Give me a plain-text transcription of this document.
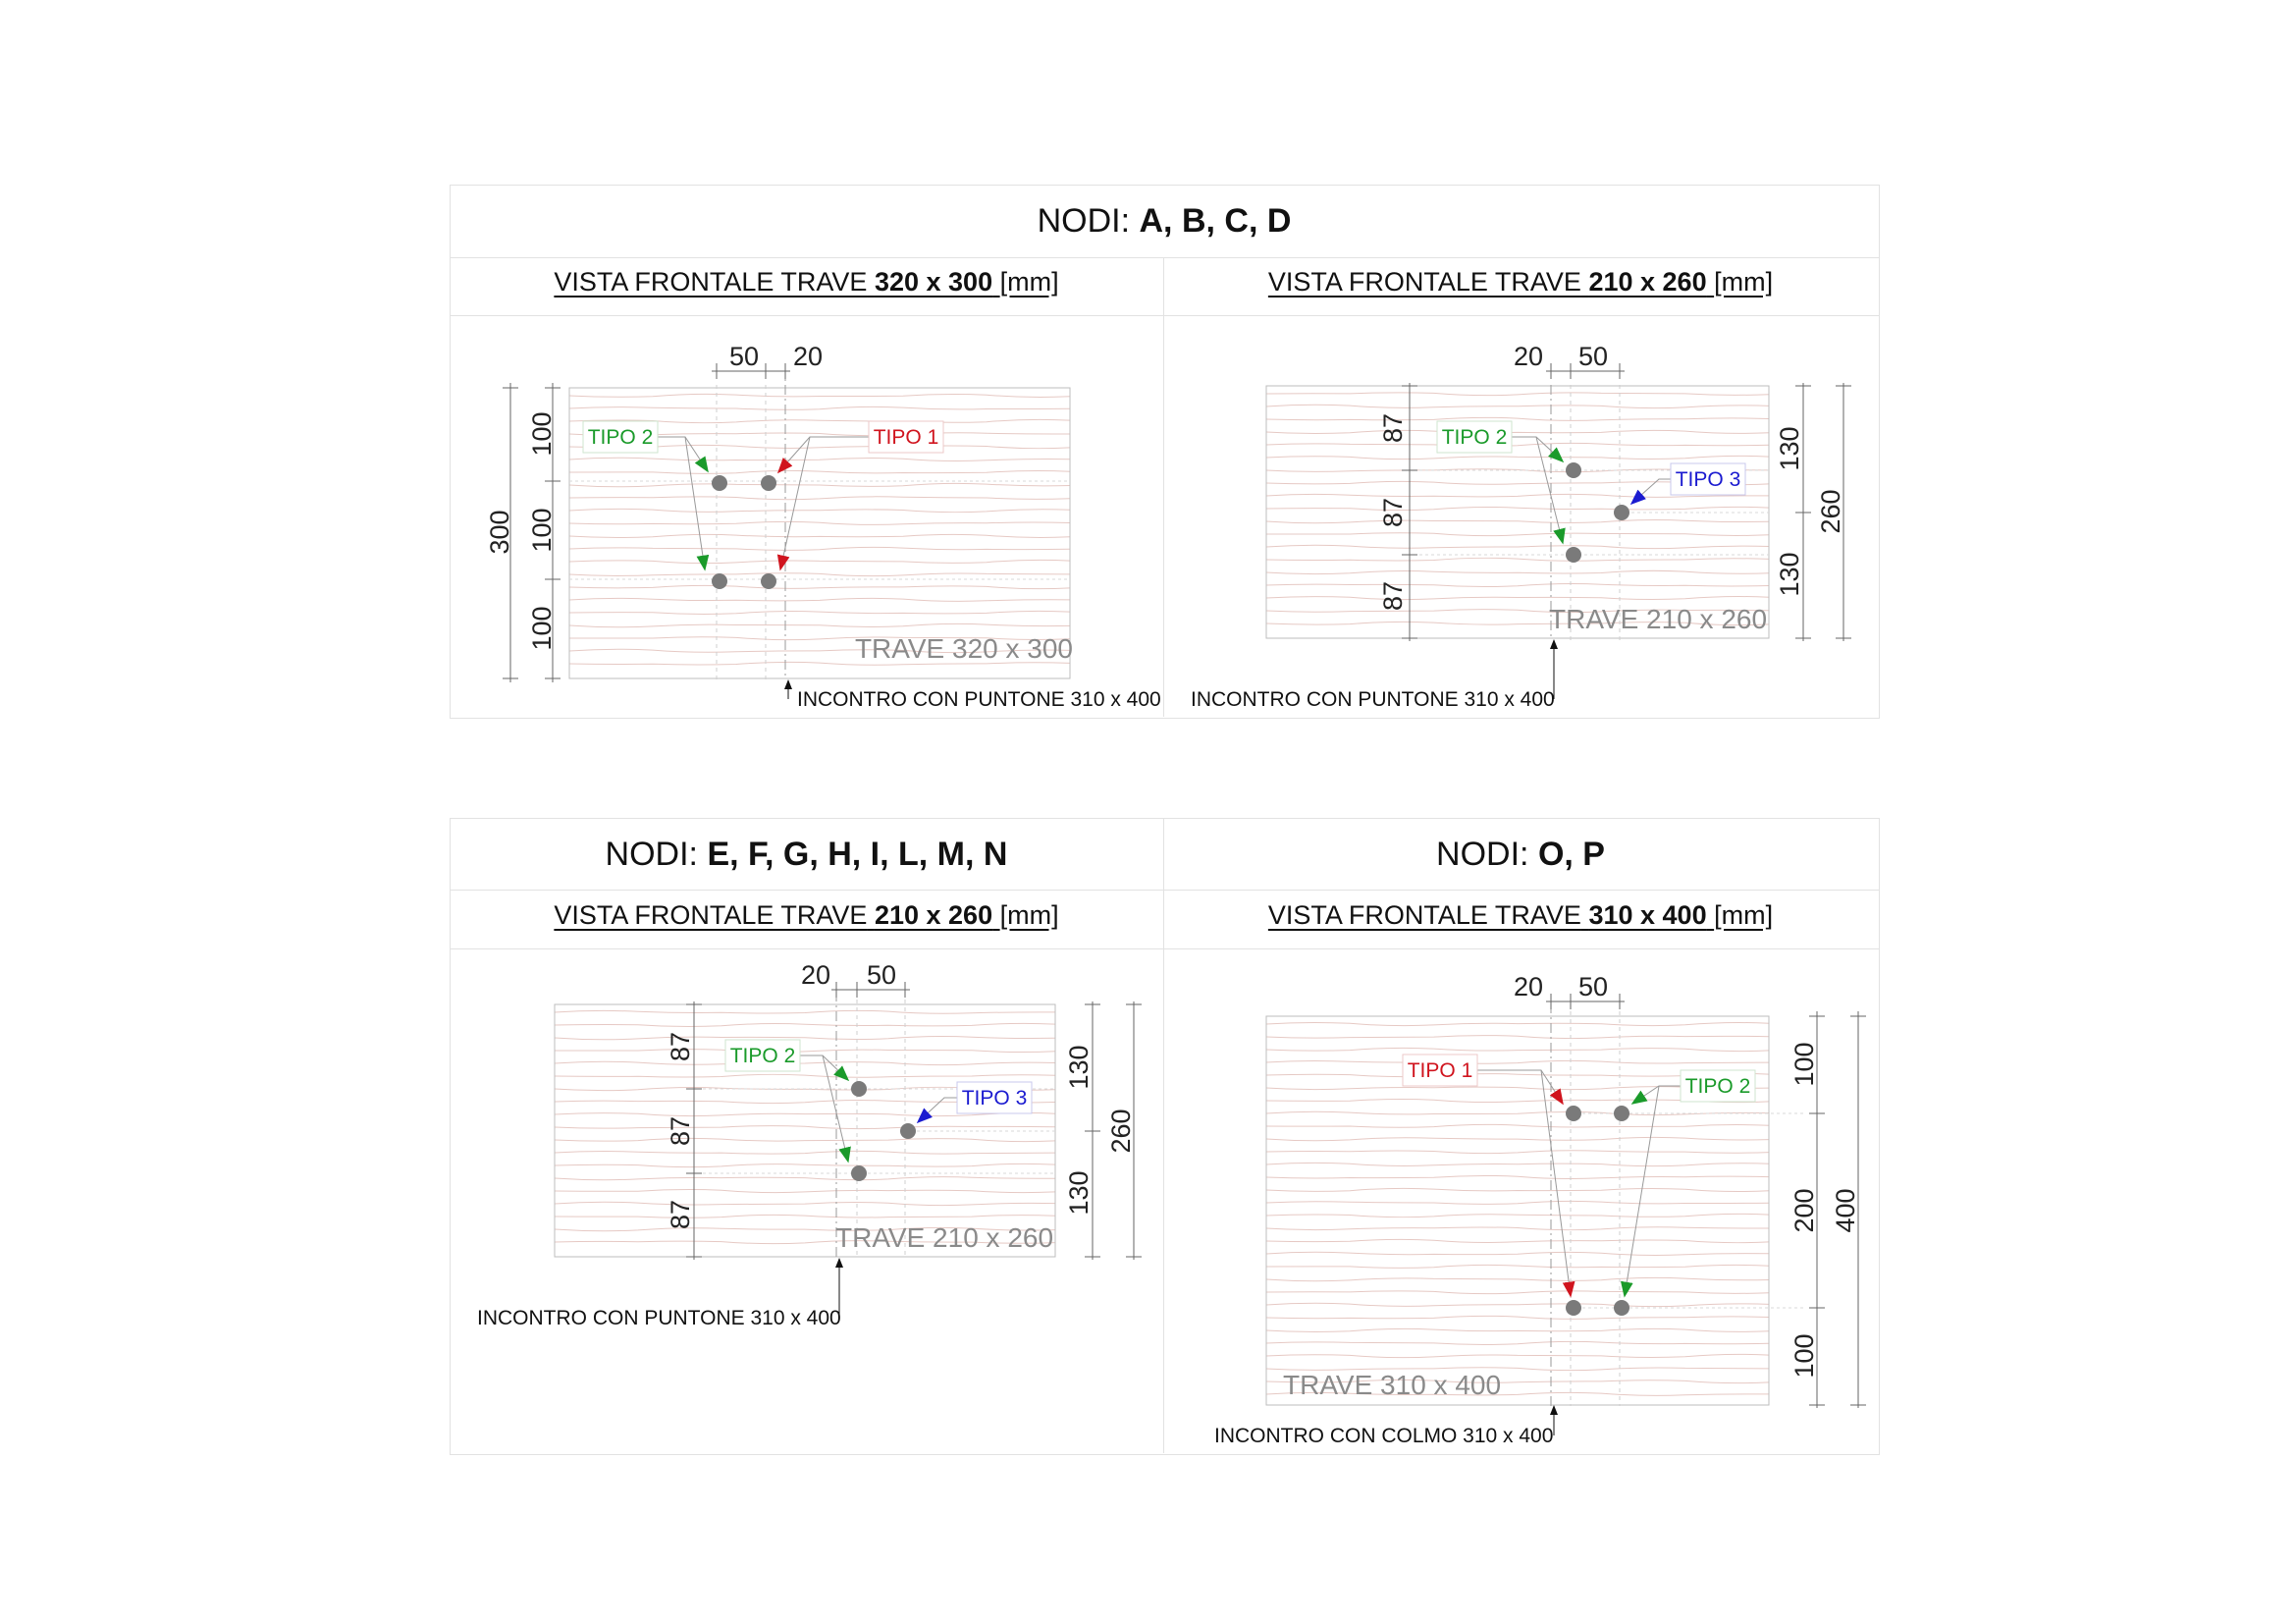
NODI: A, B, C, D
VISTA FRONTALE TRAVE 320 x 300 [mm]	VISTA FRONTALE TRAVE 210 x 260 [mm]
NODI: E, F, G, H, I, L, M, N	NODI: O, P
VISTA FRONTALE TRAVE 210 x 260 [mm]	VISTA FRONTALE TRAVE 310 x 400 [mm]
50 20
100
100
100
300
TIPO 2	TIPO 1
TRAVE 320 x 300
INCONTRO CON PUNTONE 310 x 400
20 50
87
87
87
130
130
260
TIPO 2
TIPO 3
TRAVE 210 x 260
INCONTRO CON PUNTONE 310 x 400
20 50
87
87
87
130
130
260
TIPO 2
TIPO 3
TRAVE 210 x 260
INCONTRO CON PUNTONE 310 x 400
20 50
100
200
100
400
TIPO 1
TIPO 2
TRAVE 310 x 400
INCONTRO CON COLMO 310 x 400
